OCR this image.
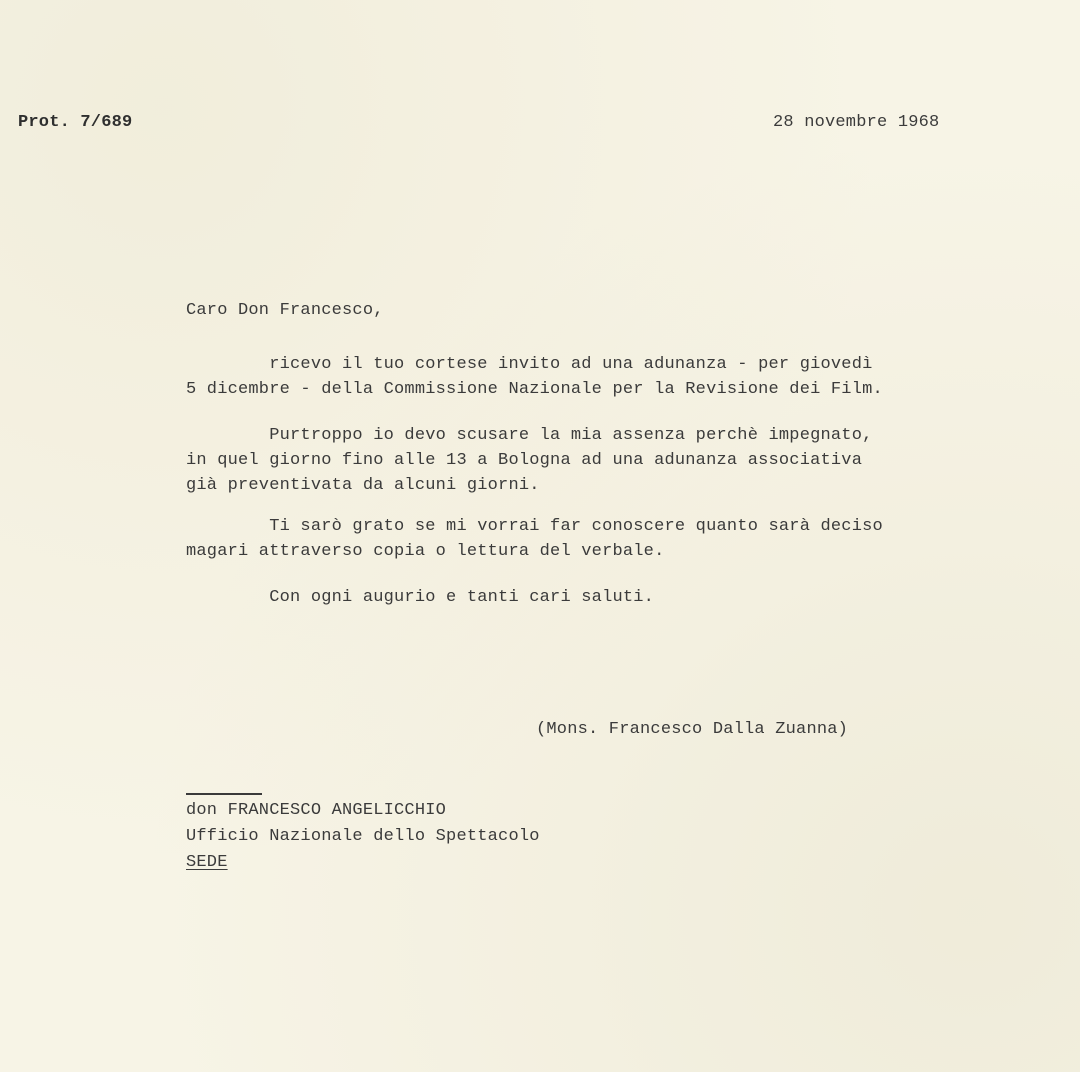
Prot. 7/689	28 novembre 1968
Caro Don Francesco,
ricevo il tuo cortese invito ad una adunanza - per giovedì
5 dicembre - della Commissione Nazionale per la Revisione dei Film.
Purtroppo io devo scusare la mia assenza perchè impegnato,
in quel giorno fino alle 13 a Bologna ad una adunanza associativa
già preventivata da alcuni giorni.
Ti sarò grato se mi vorrai far conoscere quanto sarà deciso
magari attraverso copia o lettura del verbale.
Con ogni augurio e tanti cari saluti.
(Mons. Francesco Dalla Zuanna)
don FRANCESCO ANGELICCHIO
Ufficio Nazionale dello Spettacolo
SEDE
